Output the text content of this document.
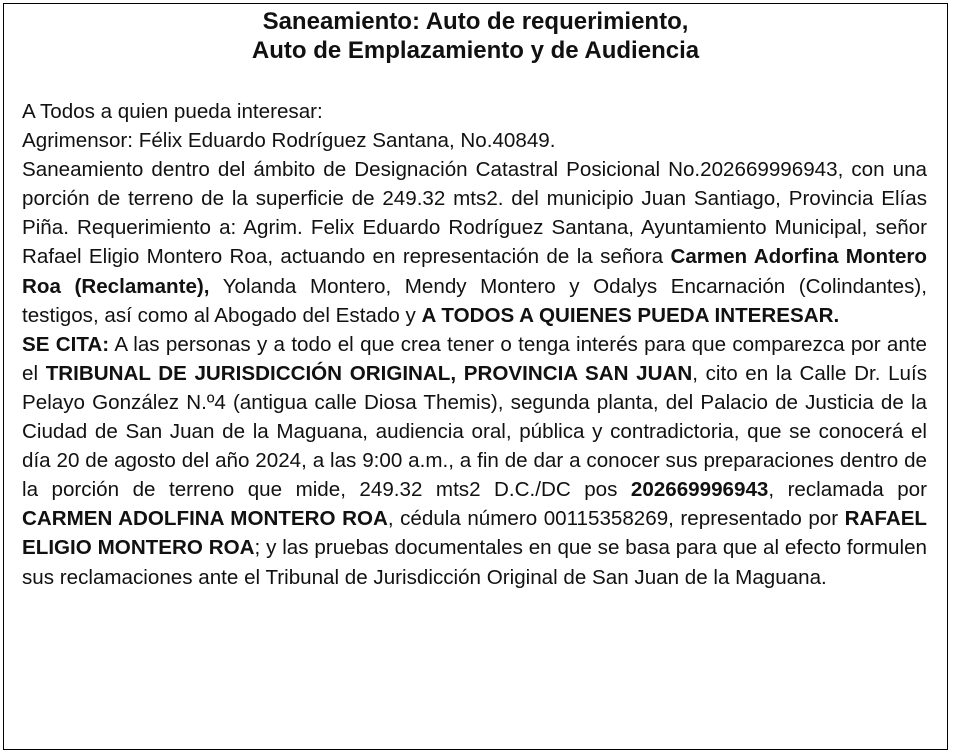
Saneamiento: Auto de requerimiento,
Auto de Emplazamiento y de Audiencia

A Todos a quien pueda interesar:

Agrimensor: Félix Eduardo Rodríguez Santana, No.40849.

Saneamiento dentro del ámbito de Designación Catastral Posicional No.202669996943, con una porción de terreno de la superficie de 249.32 mts2. del municipio Juan Santiago, Provincia Elías Piña. Requerimiento a: Agrim. Felix Eduardo Rodríguez Santana, Ayuntamiento Municipal, señor Rafael Eligio Montero Roa, actuando en representación de la señora Carmen Adorfina Montero Roa (Reclamante), Yolanda Montero, Mendy Montero y Odalys Encarnación (Colindantes), testigos, así como al Abogado del Estado y A TODOS A QUIENES PUEDA INTERESAR.

SE CITA: A las personas y a todo el que crea tener o tenga interés para que comparezca por ante el TRIBUNAL DE JURISDICCIÓN ORIGINAL, PROVINCIA SAN JUAN, cito en la Calle Dr. Luís Pelayo González N.º4 (antigua calle Diosa Themis), segunda planta, del Palacio de Justicia de la Ciudad de San Juan de la Maguana, audiencia oral, pública y contradictoria, que se conocerá el día 20 de agosto del año 2024, a las 9:00 a.m., a fin de dar a conocer sus preparaciones dentro de la porción de terreno que mide, 249.32 mts2 D.C./DC pos 202669996943, reclamada por CARMEN ADOLFINA MONTERO ROA, cédula número 00115358269, representado por RAFAEL ELIGIO MONTERO ROA; y las pruebas documentales en que se basa para que al efecto formulen sus reclamaciones ante el Tribunal de Jurisdicción Original de San Juan de la Maguana.
